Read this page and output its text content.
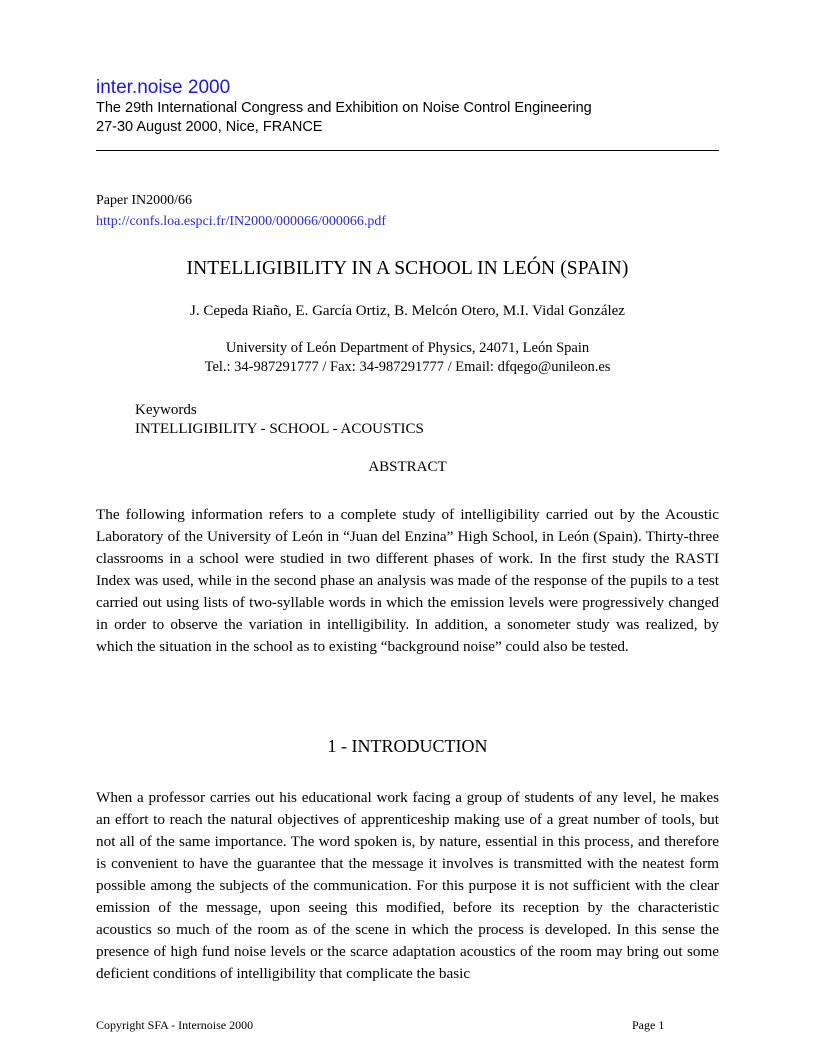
inter.noise 2000
The 29th International Congress and Exhibition on Noise Control Engineering
27-30 August 2000, Nice, FRANCE
Paper IN2000/66
http://confs.loa.espci.fr/IN2000/000066/000066.pdf
INTELLIGIBILITY IN A SCHOOL IN LEÓN (SPAIN)
J. Cepeda Riaño, E. García Ortiz, B. Melcón Otero, M.I. Vidal González
University of León Department of Physics, 24071, León Spain
Tel.: 34-987291777 / Fax: 34-987291777 / Email: dfqego@unileon.es
Keywords
INTELLIGIBILITY - SCHOOL - ACOUSTICS
ABSTRACT

The following information refers to a complete study of intelligibility carried out by the Acoustic Laboratory of the University of León in “Juan del Enzina” High School, in León (Spain). Thirty-three classrooms in a school were studied in two different phases of work. In the first study the RASTI Index was used, while in the second phase an analysis was made of the response of the pupils to a test carried out using lists of two-syllable words in which the emission levels were progressively changed in order to observe the variation in intelligibility. In addition, a sonometer study was realized, by which the situation in the school as to existing “background noise” could also be tested.

1 - INTRODUCTION

When a professor carries out his educational work facing a group of students of any level, he makes an effort to reach the natural objectives of apprenticeship making use of a great number of tools, but not all of the same importance. The word spoken is, by nature, essential in this process, and therefore is convenient to have the guarantee that the message it involves is transmitted with the neatest form possible among the subjects of the communication. For this purpose it is not sufficient with the clear emission of the message, upon seeing this modified, before its reception by the characteristic acoustics so much of the room as of the scene in which the process is developed. In this sense the presence of high fund noise levels or the scarce adaptation acoustics of the room may bring out some deficient conditions of intelligibility that complicate the basic

Copyright SFA - Internoise 2000	Page 1
